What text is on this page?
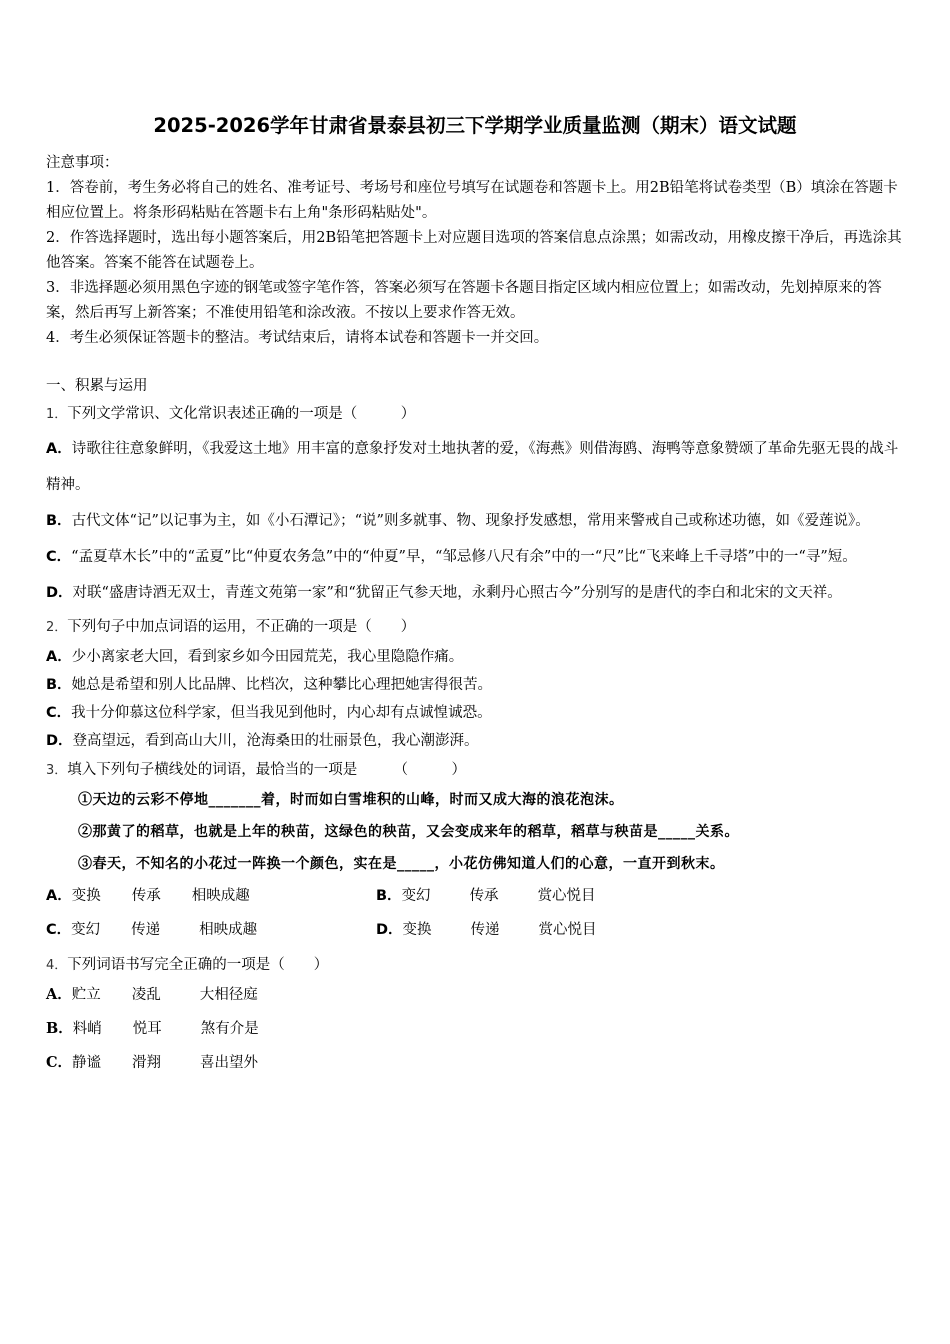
2025-2026学年甘肃省景泰县初三下学期学业质量监测（期末）语文试题

注意事项：

1．答卷前，考生务必将自己的姓名、准考证号、考场号和座位号填写在试题卷和答题卡上。用2B铅笔将试卷类型（B）填涂在答题卡相应位置上。将条形码粘贴在答题卡右上角"条形码粘贴处"。

2．作答选择题时，选出每小题答案后，用2B铅笔把答题卡上对应题目选项的答案信息点涂黑；如需改动，用橡皮擦干净后，再选涂其他答案。答案不能答在试题卷上。

3．非选择题必须用黑色字迹的钢笔或签字笔作答，答案必须写在答题卡各题目指定区域内相应位置上；如需改动，先划掉原来的答案，然后再写上新答案；不准使用铅笔和涂改液。不按以上要求作答无效。

4．考生必须保证答题卡的整洁。考试结束后，请将本试卷和答题卡一并交回。

一、积累与运用
1．下列文学常识、文化常识表述正确的一项是（　　　）

A．诗歌往往意象鲜明，《我爱这土地》用丰富的意象抒发对土地执著的爱，《海燕》则借海鸥、海鸭等意象赞颂了革命先驱无畏的战斗精神。

B．古代文体“记”以记事为主，如《小石潭记》；“说”则多就事、物、现象抒发感想，常用来警戒自己或称述功德，如《爱莲说》。

C．“孟夏草木长”中的“孟夏”比“仲夏农务急”中的“仲夏”早，“邹忌修八尺有余”中的一“尺”比“飞来峰上千寻塔”中的一“寻”短。

D．对联“盛唐诗酒无双士，青莲文苑第一家”和“犹留正气参天地，永剩丹心照古今”分别写的是唐代的李白和北宋的文天祥。

2．下列句子中加点词语的运用，不正确的一项是（　　）

A．少小离家老大回，看到家乡如今田园荒芜，我心里隐隐作痛。

B．她总是希望和别人比品牌、比档次，这种攀比心理把她害得很苦。

C．我十分仰慕这位科学家，但当我见到他时，内心却有点诚惶诚恐。

D．登高望远，看到高山大川，沧海桑田的壮丽景色，我心潮澎湃。

3．填入下列句子横线处的词语，最恰当的一项是　　　（　　　）
①天边的云彩不停地_______着，时而如白雪堆积的山峰，时而又成大海的浪花泡沫。
②那黄了的稻草，也就是上年的秧苗，这绿色的秧苗，又会变成来年的稻草，稻草与秧苗是_____关系。
③春天，不知名的小花过一阵换一个颜色，实在是_____，小花仿佛知道人们的心意，一直开到秋末。
A． 变换	传承	相映成趣	B． 变幻	传承	赏心悦目
C． 变幻	传递	相映成趣	D． 变换	传递	赏心悦目
4．下列词语书写完全正确的一项是（　　）
A． 贮立	凌乱	大相径庭
B． 料峭	悦耳	煞有介是
C． 静谧	滑翔	喜出望外
